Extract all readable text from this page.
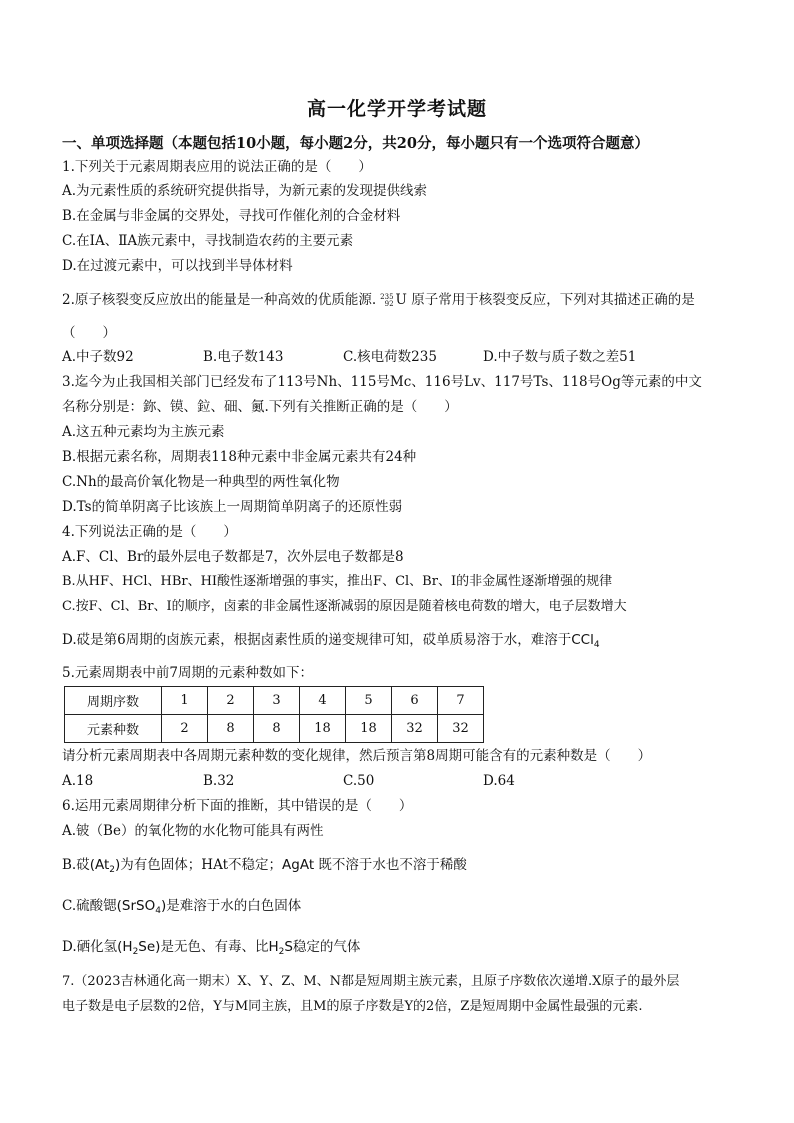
高一化学开学考试题
一、单项选择题（本题包括10小题，每小题2分，共20分，每小题只有一个选项符合题意）
1.下列关于元素周期表应用的说法正确的是（　　）
A.为元素性质的系统研究提供指导，为新元素的发现提供线索
B.在金属与非金属的交界处，寻找可作催化剂的合金材料
C.在ⅠA、ⅡA族元素中，寻找制造农药的主要元素
D.在过渡元素中，可以找到半导体材料
2.原子核裂变反应放出的能量是一种高效的优质能源. 235
92 U 原子常用于核裂变反应，下列对其描述正确的是
（　　）
A.中子数92	B.电子数143	C.核电荷数235	D.中子数与质子数之差51
3.迄今为止我国相关部门已经发布了113号Nh、115号Mc、116号Lv、117号Ts、118号Og等元素的中文
名称分别是：鉨、镆、鉝、鿬、鿫.下列有关推断正确的是（　　）
A.这五种元素均为主族元素
B.根据元素名称，周期表118种元素中非金属元素共有24种
C.Nh的最高价氧化物是一种典型的两性氧化物
D.Ts的简单阴离子比该族上一周期简单阴离子的还原性弱
4.下列说法正确的是（　　）
A.F、Cl、Br的最外层电子数都是7，次外层电子数都是8
B.从HF、HCl、HBr、HI酸性逐渐增强的事实，推出F、Cl、Br、I的非金属性逐渐增强的规律
C.按F、Cl、Br、I的顺序，卤素的非金属性逐渐减弱的原因是随着核电荷数的增大，电子层数增大
D.砹是第6周期的卤族元素，根据卤素性质的递变规律可知，砹单质易溶于水，难溶于CCl$_4$
5.元素周期表中前7周期的元素种数如下：
周期序数	1	2	3	4	5	6	7
元素种数	2	8	8	18	18	32	32
请分析元素周期表中各周期元素种数的变化规律，然后预言第8周期可能含有的元素种数是（　　）
A.18	B.32	C.50	D.64
6.运用元素周期律分析下面的推断，其中错误的是（　　）
A.铍（Be）的氧化物的水化物可能具有两性
B.砹$(At_2)$为有色固体；HAt不稳定；AgAt 既不溶于水也不溶于稀酸
C.硫酸锶(SrSO$_4$)是难溶于水的白色固体
D.硒化氢$(H_2Se)$是无色、有毒、比$H_2S$稳定的气体
7.（2023吉林通化高一期末）X、Y、Z、M、N都是短周期主族元素，且原子序数依次递增.X原子的最外层
电子数是电子层数的2倍，Y与M同主族，且M的原子序数是Y的2倍，Z是短周期中金属性最强的元素.
